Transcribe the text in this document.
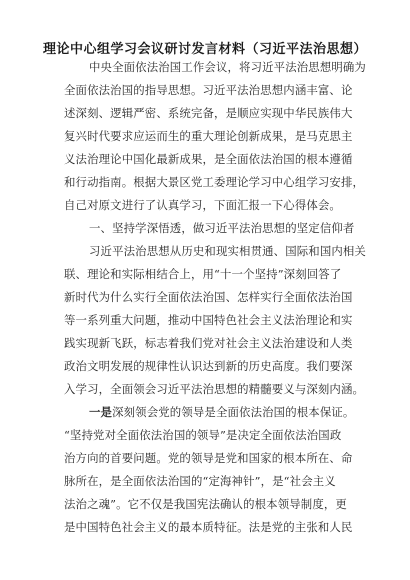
理论中心组学习会议研讨发言材料（习近平法治思想）
中央全面依法治国工作会议，将习近平法治思想明确为
全面依法治国的指导思想。习近平法治思想内涵丰富、论
述深刻、逻辑严密、系统完备，是顺应实现中华民族伟大
复兴时代要求应运而生的重大理论创新成果，是马克思主
义法治理论中国化最新成果，是全面依法治国的根本遵循
和行动指南。根据大景区党工委理论学习中心组学习安排，
自己对原文进行了认真学习，下面汇报一下心得体会。
一、坚持学深悟透，做习近平法治思想的坚定信仰者
习近平法治思想从历史和现实相贯通、国际和国内相关
联、理论和实际相结合上，用“十一个坚持”深刻回答了
新时代为什么实行全面依法治国、怎样实行全面依法治国
等一系列重大问题，推动中国特色社会主义法治理论和实
践实现新飞跃，标志着我们党对社会主义法治建设和人类
政治文明发展的规律性认识达到新的历史高度。我们要深
入学习，全面领会习近平法治思想的精髓要义与深刻内涵。
一是深刻领会党的领导是全面依法治国的根本保证。
“坚持党对全面依法治国的领导”是决定全面依法治国政
治方向的首要问题。党的领导是党和国家的根本所在、命
脉所在，是全面依法治国的“定海神针”，是“社会主义
法治之魂”。它不仅是我国宪法确认的根本领导制度，更
是中国特色社会主义的最本质特征。法是党的主张和人民
